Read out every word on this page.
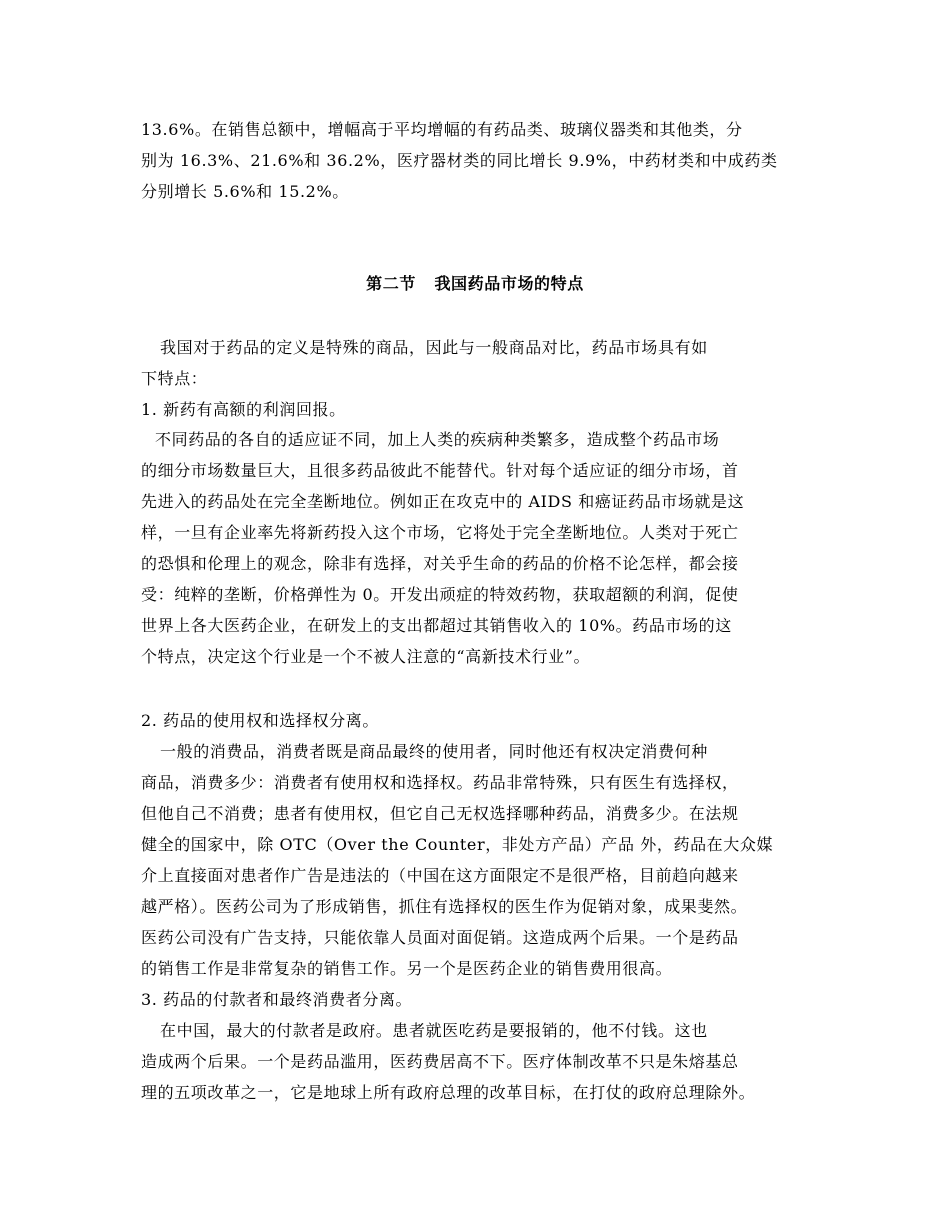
13.6%。在销售总额中，增幅高于平均增幅的有药品类、玻璃仪器类和其他类，分
别为 16.3%、21.6%和 36.2%，医疗器材类的同比增长 9.9%，中药材类和中成药类
分别增长 5.6%和 15.2%。
第二节   我国药品市场的特点
我国对于药品的定义是特殊的商品，因此与一般商品对比，药品市场具有如
下特点：
1. 新药有高额的利润回报。
不同药品的各自的适应证不同，加上人类的疾病种类繁多，造成整个药品市场
的细分市场数量巨大，且很多药品彼此不能替代。针对每个适应证的细分市场，首
先进入的药品处在完全垄断地位。例如正在攻克中的 AIDS 和癌证药品市场就是这
样，一旦有企业率先将新药投入这个市场，它将处于完全垄断地位。人类对于死亡
的恐惧和伦理上的观念，除非有选择，对关乎生命的药品的价格不论怎样，都会接
受：纯粹的垄断，价格弹性为 0。开发出顽症的特效药物，获取超额的利润，促使
世界上各大医药企业，在研发上的支出都超过其销售收入的 10%。药品市场的这
个特点，决定这个行业是一个不被人注意的“高新技术行业”。
2. 药品的使用权和选择权分离。
一般的消费品，消费者既是商品最终的使用者，同时他还有权决定消费何种
商品，消费多少：消费者有使用权和选择权。药品非常特殊，只有医生有选择权，
但他自己不消费；患者有使用权，但它自己无权选择哪种药品，消费多少。在法规
健全的国家中，除 OTC（Over the Counter，非处方产品）产品 外，药品在大众媒
介上直接面对患者作广告是违法的（中国在这方面限定不是很严格，目前趋向越来
越严格）。医药公司为了形成销售，抓住有选择权的医生作为促销对象，成果斐然。
医药公司没有广告支持，只能依靠人员面对面促销。这造成两个后果。一个是药品
的销售工作是非常复杂的销售工作。另一个是医药企业的销售费用很高。
3. 药品的付款者和最终消费者分离。
在中国，最大的付款者是政府。患者就医吃药是要报销的，他不付钱。这也
造成两个后果。一个是药品滥用，医药费居高不下。医疗体制改革不只是朱熔基总
理的五项改革之一，它是地球上所有政府总理的改革目标，在打仗的政府总理除外。
